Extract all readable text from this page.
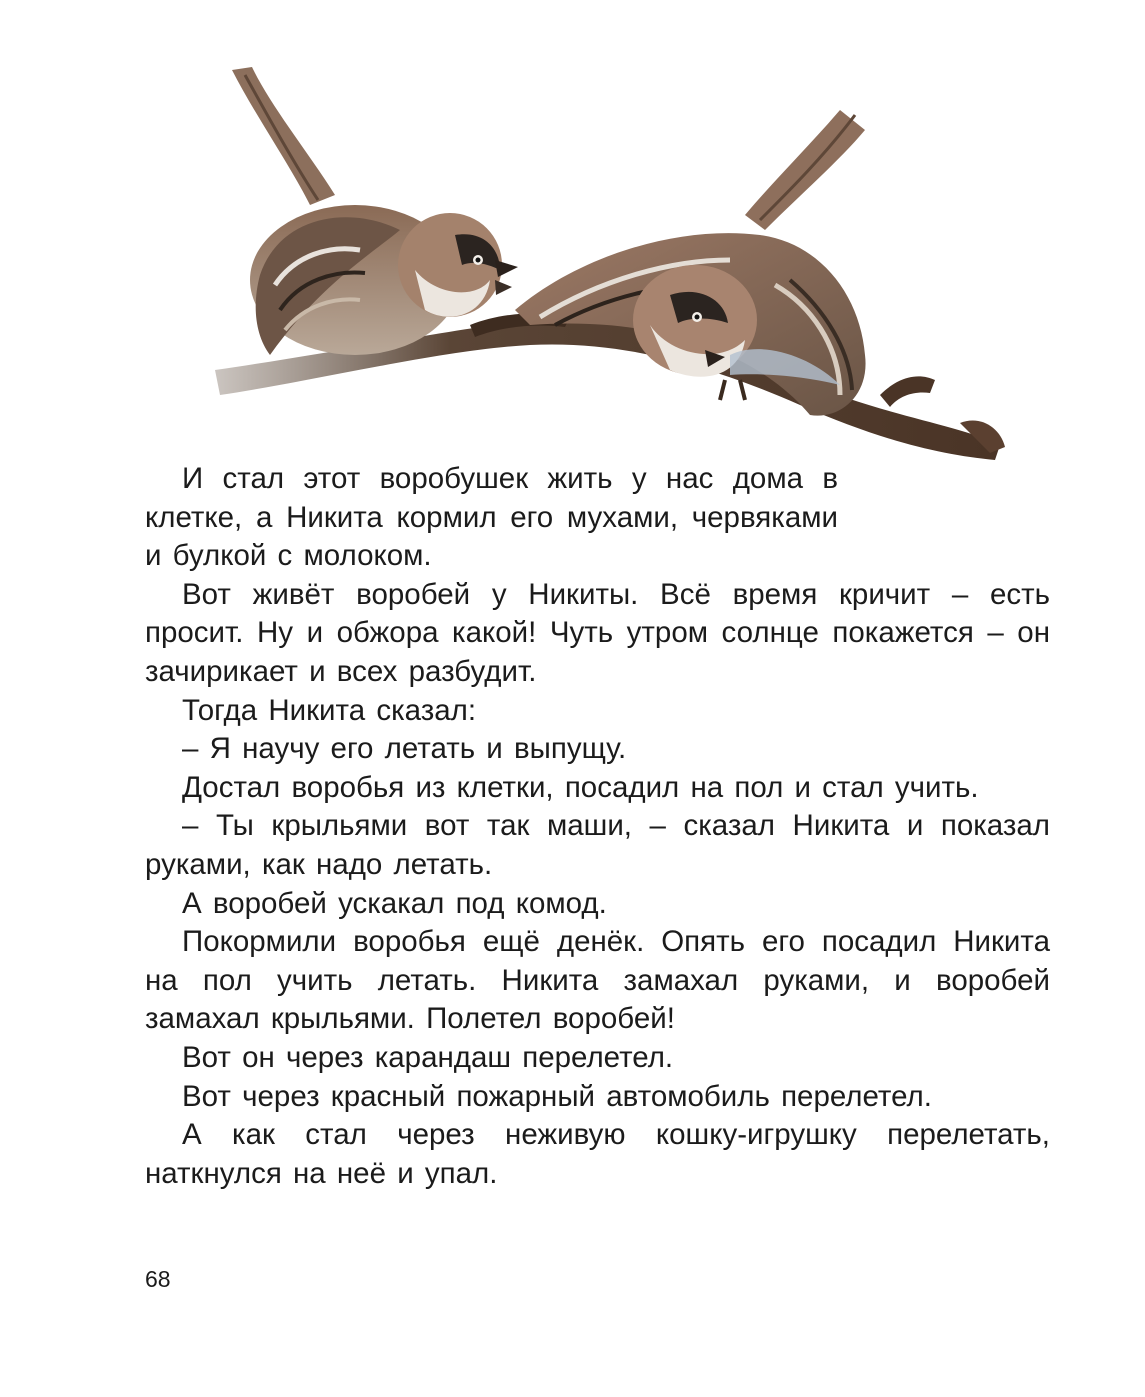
И стал этот воробушек жить у нас дома в клетке, а Никита кормил его мухами, червяками и булкой с молоком.

Вот живёт воробей у Никиты. Всё время кричит – есть просит. Ну и обжора какой! Чуть утром солнце покажется – он зачирикает и всех разбудит.

Тогда Никита сказал:

– Я научу его летать и выпущу.

Достал воробья из клетки, посадил на пол и стал учить.

– Ты крыльями вот так маши, – сказал Никита и показал руками, как надо летать.

А воробей ускакал под комод.

Покормили воробья ещё денёк. Опять его посадил Никита на пол учить летать. Никита замахал руками, и воробей замахал крыльями. Полетел воробей!

Вот он через карандаш перелетел.

Вот через красный пожарный автомобиль перелетел.

А как стал через неживую кошку-игрушку перелетать, наткнулся на неё и упал.

68
